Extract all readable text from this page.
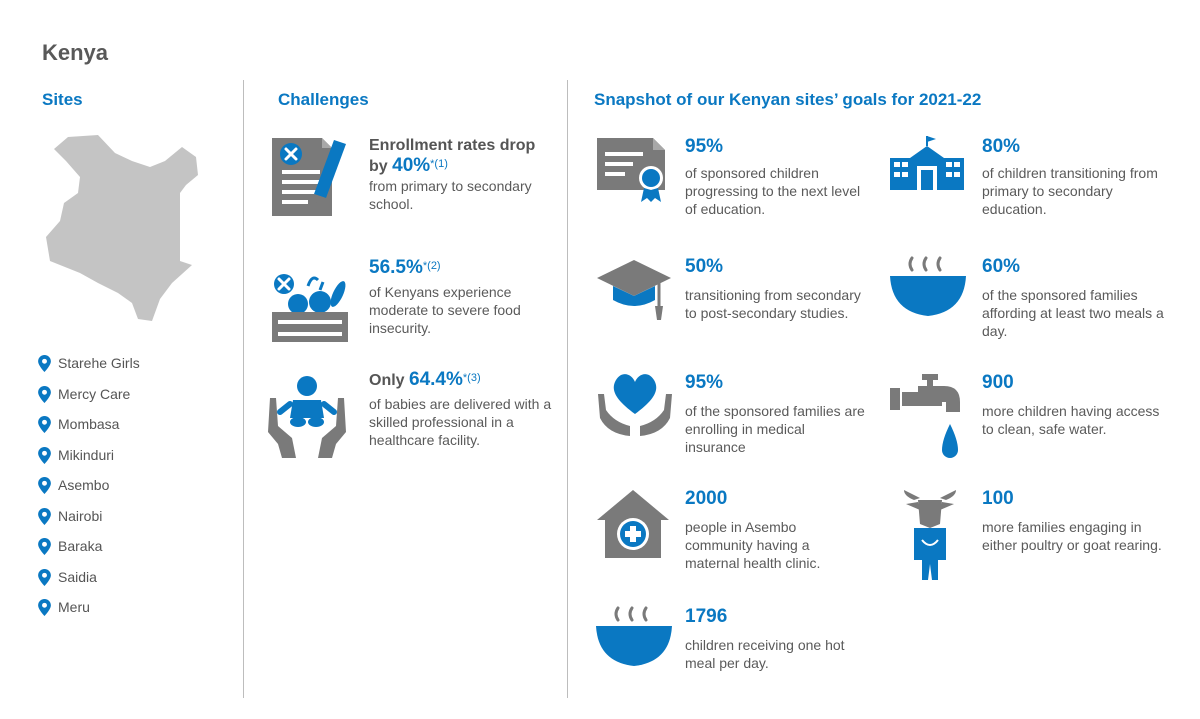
Kenya
Sites	Challenges	Snapshot of our Kenyan sites’ goals for 2021-22
Starehe Girls
Mercy Care
Mombasa
Mikinduri
Asembo
Nairobi
Baraka
Saidia
Meru
Enrollment rates drop by 40%$^{*(1)}$
from primary to secondary school.
56.5%$^{*(2)}$
of Kenyans experience moderate to severe food insecurity.
Only 64.4%$^{*(3)}$
of babies are delivered with a skilled professional in a healthcare facility.
95%
of sponsored children progressing to the next level of education.
80%
of children transitioning from primary to secondary education.
50%
transitioning from secondary to post-secondary studies.
60%
of the sponsored families affording at least two meals a day.
95%
of the sponsored families are enrolling in medical insurance
900
more children having access to clean, safe water.
2000
people in Asembo community having a maternal health clinic.
100
more families engaging in either poultry or goat rearing.
1796
children receiving one hot meal per day.
